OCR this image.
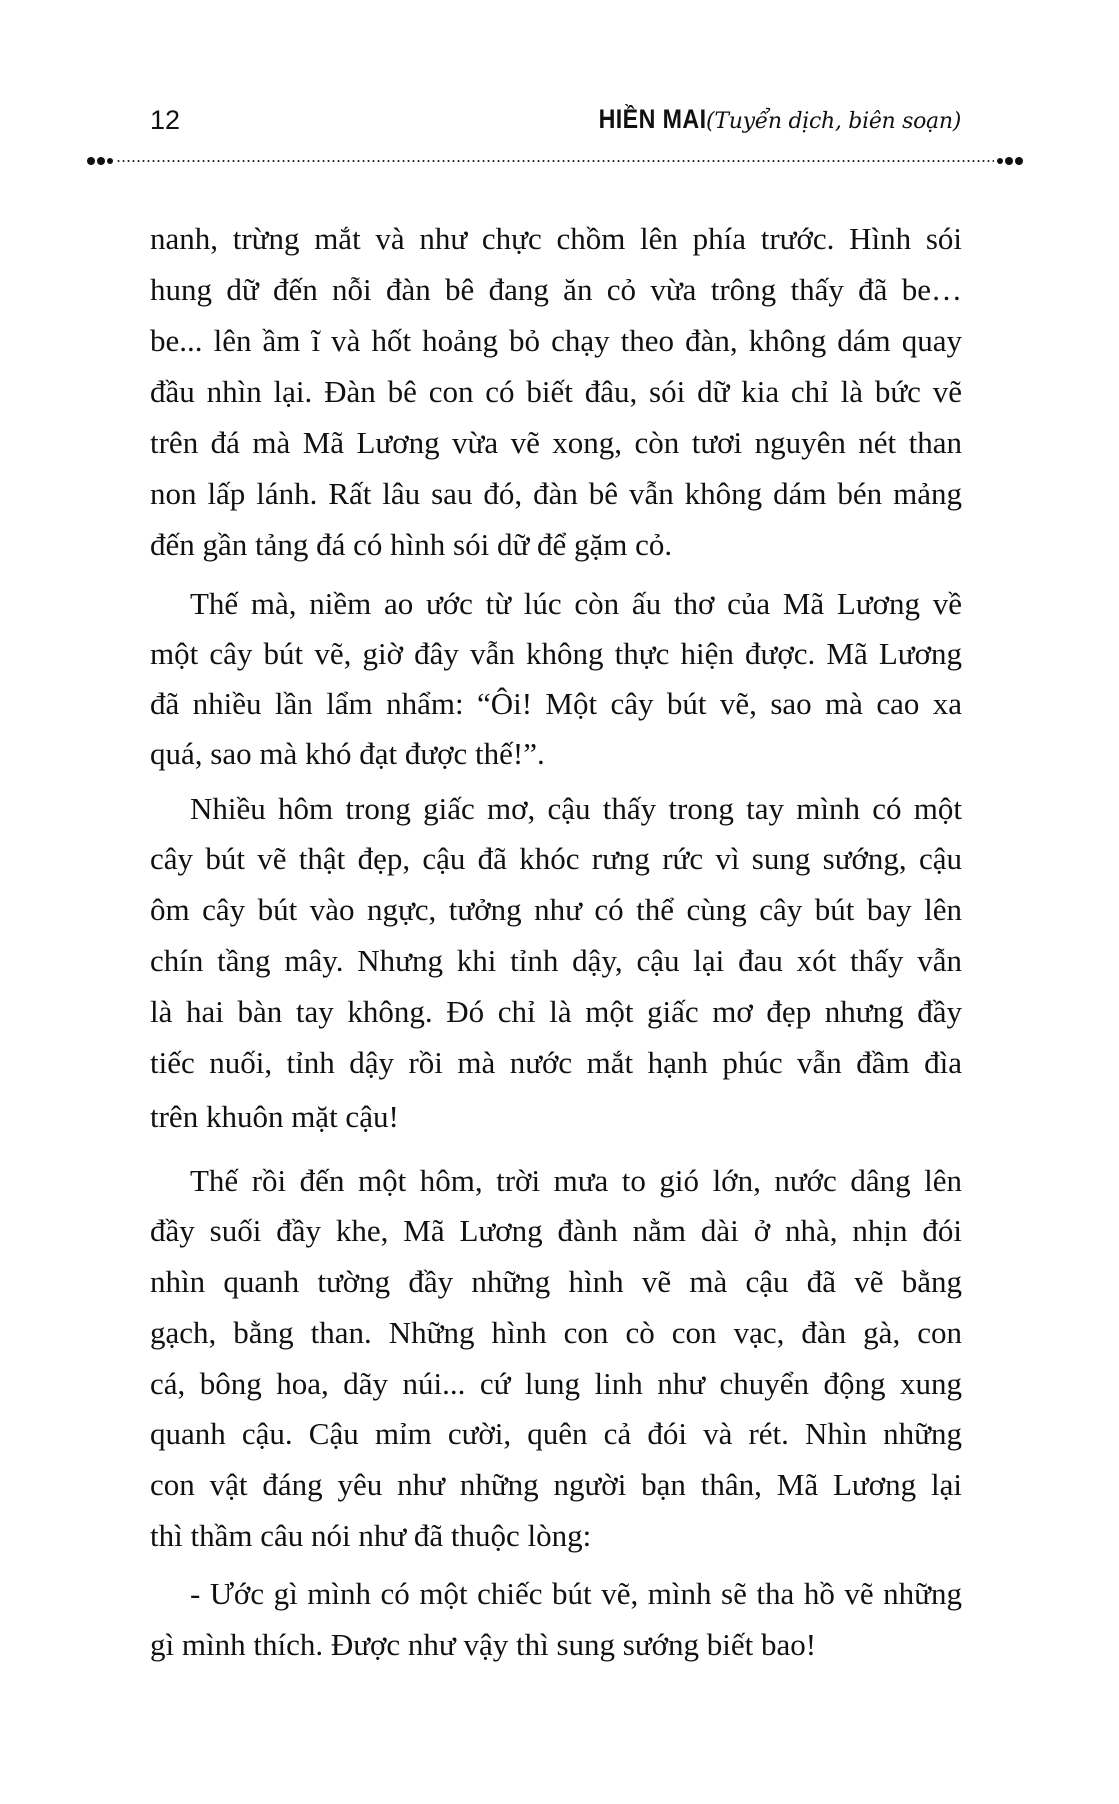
12	HIỀN MAI (Tuyển dịch, biên soạn)
nanh, trừng mắt và như chực chồm lên phía trước. Hình sói
hung dữ đến nỗi đàn bê đang ăn cỏ vừa trông thấy đã be…
be... lên ầm ĩ và hốt hoảng bỏ chạy theo đàn, không dám quay
đầu nhìn lại. Đàn bê con có biết đâu, sói dữ kia chỉ là bức vẽ
trên đá mà Mã Lương vừa vẽ xong, còn tươi nguyên nét than
non lấp lánh. Rất lâu sau đó, đàn bê vẫn không dám bén mảng
đến gần tảng đá có hình sói dữ để gặm cỏ.
Thế mà, niềm ao ước từ lúc còn ấu thơ của Mã Lương về
một cây bút vẽ, giờ đây vẫn không thực hiện được. Mã Lương
đã nhiều lần lẩm nhẩm: “Ôi! Một cây bút vẽ, sao mà cao xa
quá, sao mà khó đạt được thế!”.
Nhiều hôm trong giấc mơ, cậu thấy trong tay mình có một
cây bút vẽ thật đẹp, cậu đã khóc rưng rức vì sung sướng, cậu
ôm cây bút vào ngực, tưởng như có thể cùng cây bút bay lên
chín tầng mây. Nhưng khi tỉnh dậy, cậu lại đau xót thấy vẫn
là hai bàn tay không. Đó chỉ là một giấc mơ đẹp nhưng đầy
tiếc nuối, tỉnh dậy rồi mà nước mắt hạnh phúc vẫn đầm đìa
trên khuôn mặt cậu!
Thế rồi đến một hôm, trời mưa to gió lớn, nước dâng lên
đầy suối đầy khe, Mã Lương đành nằm dài ở nhà, nhịn đói
nhìn quanh tường đầy những hình vẽ mà cậu đã vẽ bằng
gạch, bằng than. Những hình con cò con vạc, đàn gà, con
cá, bông hoa, dãy núi... cứ lung linh như chuyển động xung
quanh cậu. Cậu mỉm cười, quên cả đói và rét. Nhìn những
con vật đáng yêu như những người bạn thân, Mã Lương lại
thì thầm câu nói như đã thuộc lòng:
- Ước gì mình có một chiếc bút vẽ, mình sẽ tha hồ vẽ những
gì mình thích. Được như vậy thì sung sướng biết bao!
